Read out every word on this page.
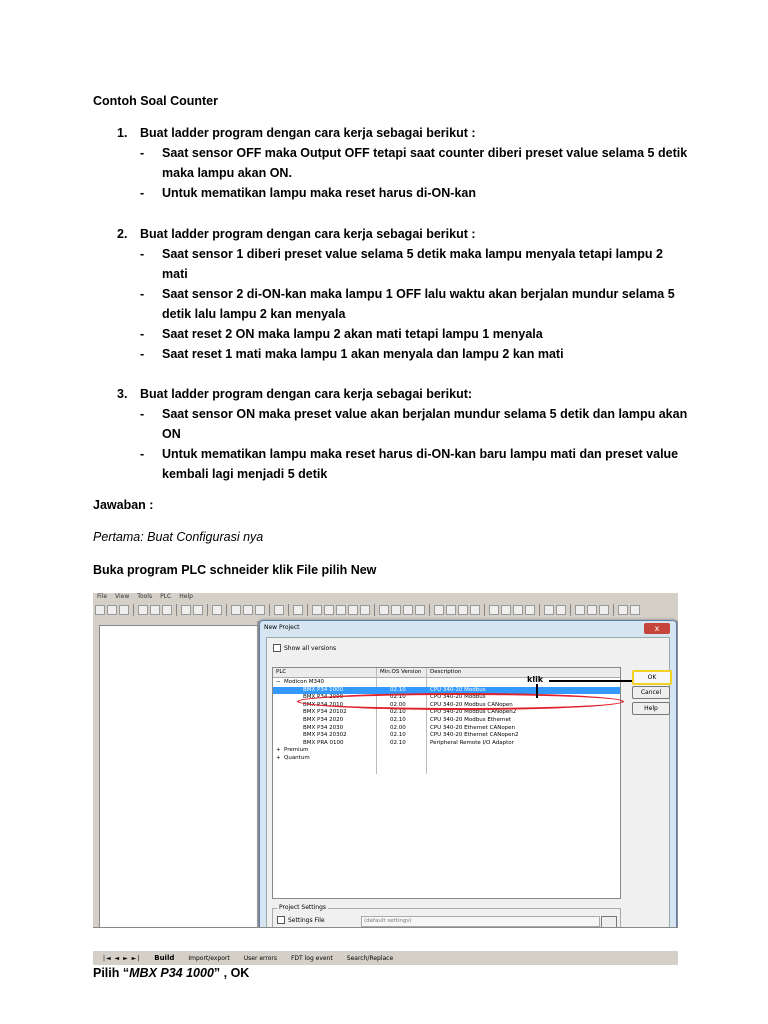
Contoh Soal Counter
1. Buat ladder program dengan cara kerja sebagai berikut :
- Saat sensor OFF maka Output OFF tetapi saat counter diberi preset value selama 5 detik
maka lampu akan ON.
- Untuk mematikan lampu maka reset harus di-ON-kan
2. Buat ladder program dengan cara kerja sebagai berikut :
- Saat sensor 1 diberi preset value selama 5 detik maka lampu menyala tetapi lampu 2
mati
- Saat sensor 2 di-ON-kan maka lampu 1 OFF lalu waktu akan berjalan mundur selama 5
detik lalu lampu 2 kan menyala
- Saat reset 2 ON maka lampu 2 akan mati tetapi lampu 1 menyala
- Saat reset 1 mati maka lampu 1 akan menyala dan lampu 2 kan mati
3. Buat ladder program dengan cara kerja sebagai berikut:
- Saat sensor ON maka preset value akan berjalan mundur selama 5 detik dan lampu akan
ON
- Untuk mematikan lampu maka reset harus di-ON-kan baru lampu mati dan preset value
kembali lagi menjadi 5 detik
Jawaban :
Pertama: Buat Configurasi nya
Buka program PLC schneider klik File pilih New
File View Tools PLC Help
New Project	x
Show all versions
PLC	Min.OS Version Description
− Modicon M340
BMX P34 1000	02.10	CPU 340-10 Modbus
BMX P34 2000	02.10	CPU 340-20 Modbus
BMX P34 2010	02.00	CPU 340-20 Modbus CANopen
BMX P34 20102	02.10	CPU 340-20 Modbus CANopen2
BMX P34 2020	02.10	CPU 340-20 Modbus Ethernet
BMX P34 2030	02.00	CPU 340-20 Ethernet CANopen
BMX P34 20302	02.10	CPU 340-20 Ethernet CANopen2
BMX PRA 0100	02.10	Peripheral Remote I/O Adaptor
+ Premium
+ Quantum
klik	OK
Cancel
Help
Project Settings
Settings File	(default settings)
|◄ ◄ ► ►| Build Import/export User errors FDT log event Search/Replace
Pilih “MBX P34 1000” , OK
